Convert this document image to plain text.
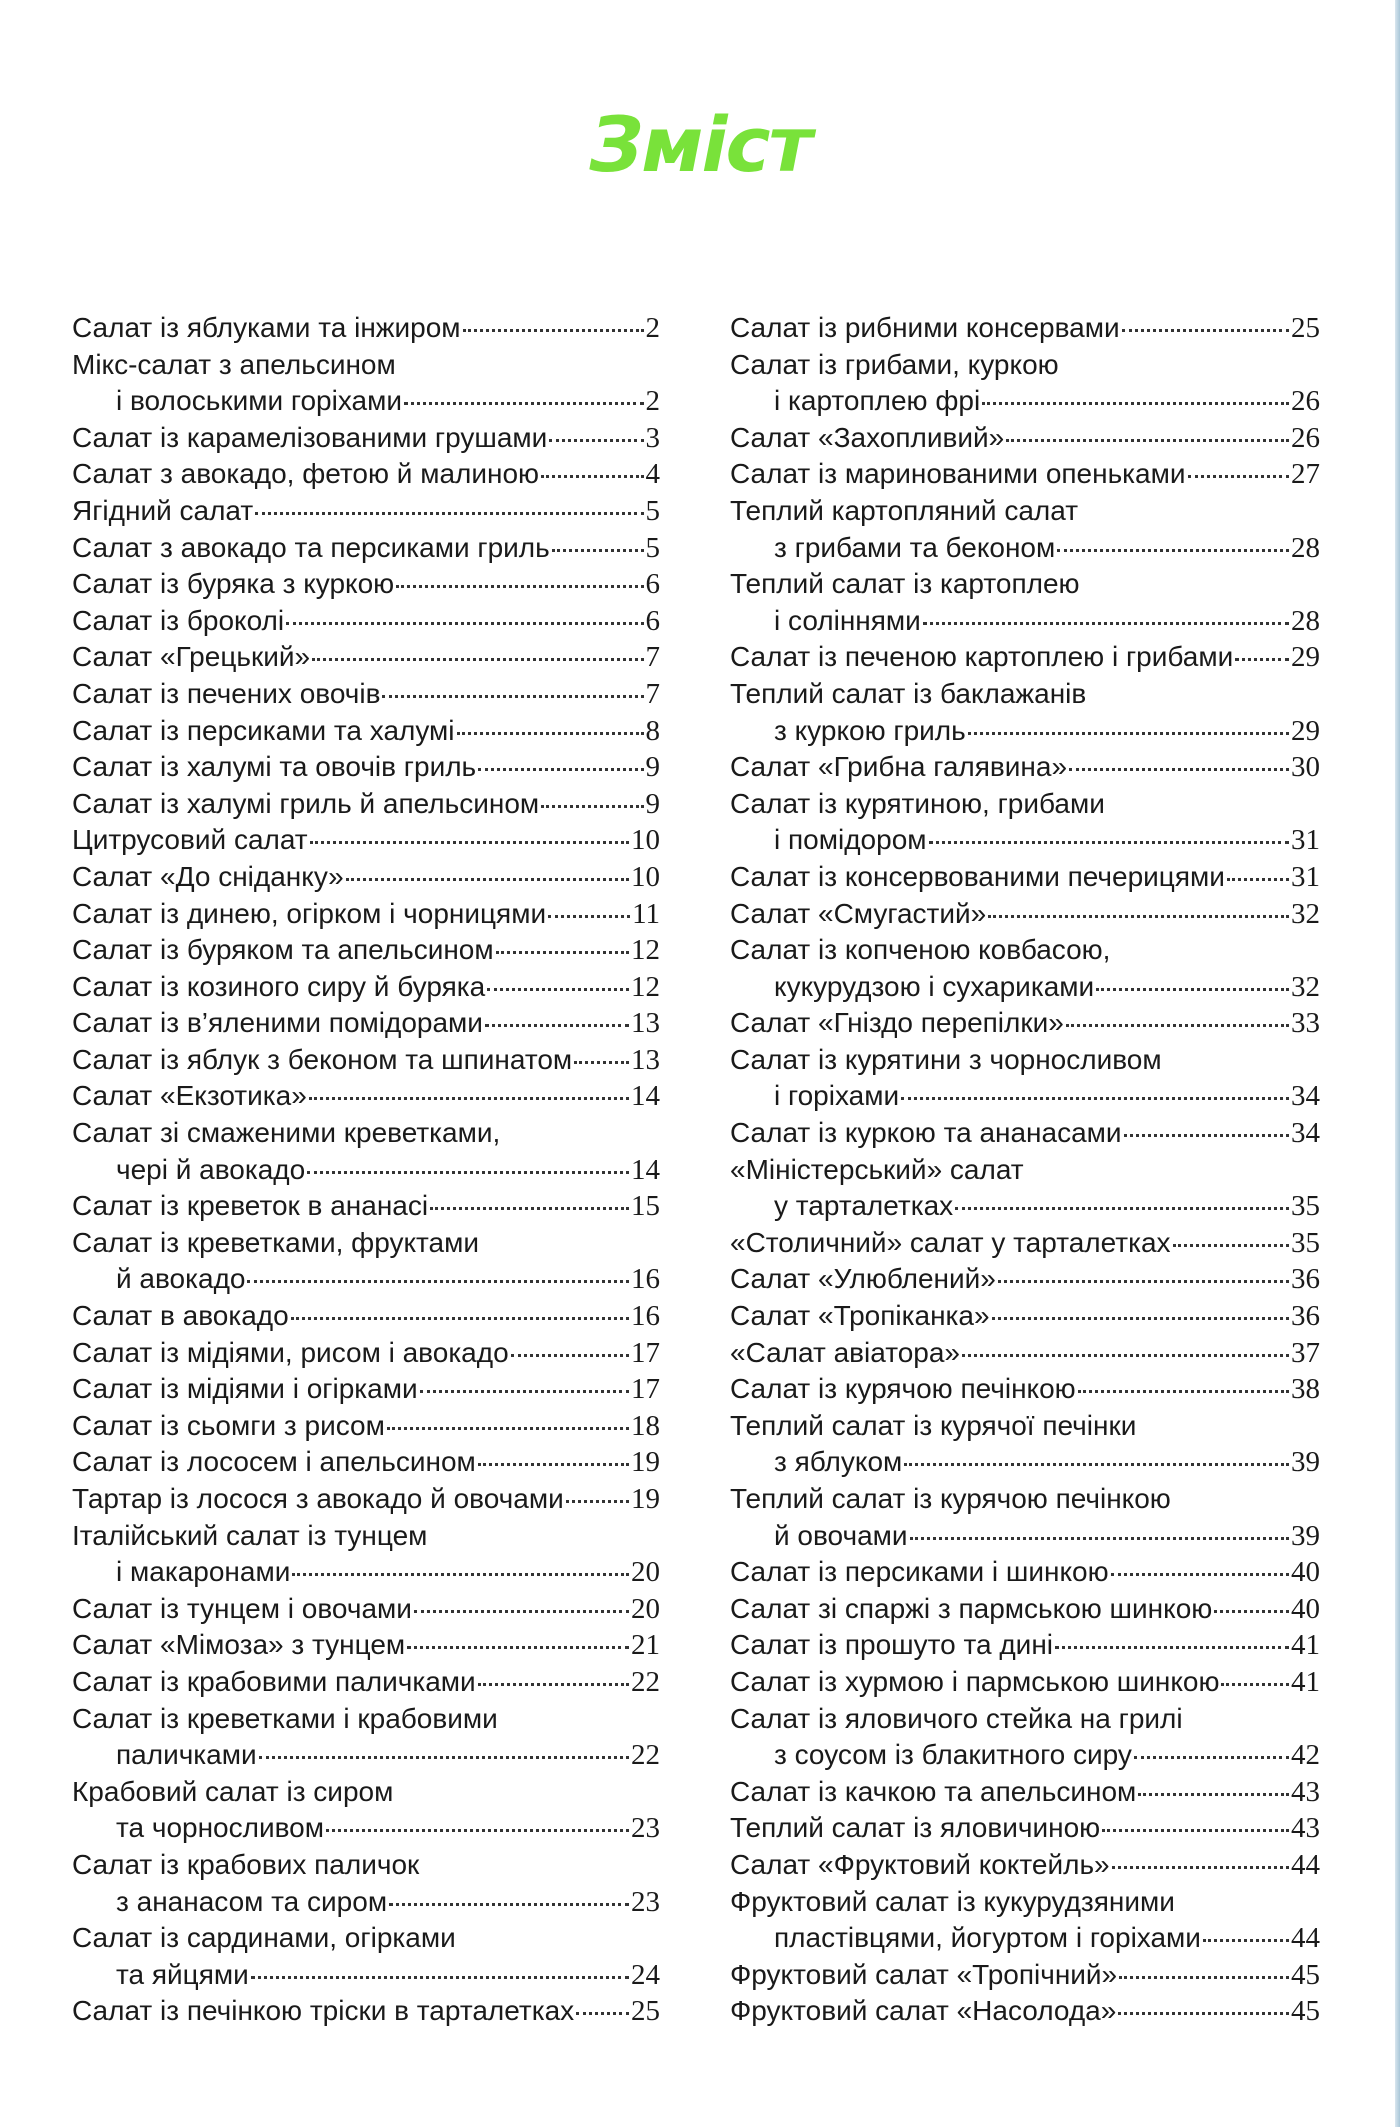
Зміст
Салат із яблуками та інжиром	2
Мікс-салат з апельсином
і волоськими горіхами	2
Салат із карамелізованими грушами	3
Салат з авокадо, фетою й малиною	4
Ягідний салат	5
Салат з авокадо та персиками гриль	5
Салат із буряка з куркою	6
Салат із броколі	6
Салат «Грецький»	7
Салат із печених овочів	7
Салат із персиками та халумі	8
Салат із халумі та овочів гриль	9
Салат із халумі гриль й апельсином	9
Цитрусовий салат	10
Салат «До сніданку»	10
Салат із динею, огірком і чорницями	11
Салат із буряком та апельсином	12
Салат із козиного сиру й буряка	12
Салат із в’яленими помідорами	13
Салат із яблук з беконом та шпинатом 13
Салат «Екзотика»	14
Салат зі смаженими креветками,
чері й авокадо	14
Салат із креветок в ананасі	15
Салат із креветками, фруктами
й авокадо	16
Салат в авокадо	16
Салат із мідіями, рисом і авокадо	17
Салат із мідіями і огірками	17
Салат із сьомги з рисом	18
Салат із лососем і апельсином	19
Тартар із лосося з авокадо й овочами 19
Італійський салат із тунцем
і макаронами	20
Салат із тунцем і овочами	20
Салат «Мімоза» з тунцем	21
Салат із крабовими паличками	22
Салат із креветками і крабовими
паличками	22
Крабовий салат із сиром
та чорносливом	23
Салат із крабових паличок
з ананасом та сиром	23
Салат із сардинами, огірками
та яйцями	24
Салат із печінкою тріски в тарталетках 25
Салат із рибними консервами	25
Салат із грибами, куркою
і картоплею фрі	26
Салат «Захопливий»	26
Салат із маринованими опеньками	27
Теплий картопляний салат
з грибами та беконом	28
Теплий салат із картоплею
і соліннями	28
Салат із печеною картоплею і грибами 29
Теплий салат із баклажанів
з куркою гриль	29
Салат «Грибна галявина»	30
Салат із курятиною, грибами
і помідором	31
Салат із консервованими печерицями 31
Салат «Смугастий»	32
Салат із копченою ковбасою,
кукурудзою і сухариками	32
Салат «Гніздо перепілки»	33
Салат із курятини з чорносливом
і горіхами	34
Салат із куркою та ананасами	34
«Міністерський» салат
у тарталетках	35
«Столичний» салат у тарталетках	35
Салат «Улюблений»	36
Салат «Тропіканка»	36
«Салат авіатора»	37
Салат із курячою печінкою	38
Теплий салат із курячої печінки
з яблуком	39
Теплий салат із курячою печінкою
й овочами	39
Салат із персиками і шинкою	40
Салат зі спаржі з пармською шинкою	40
Салат із прошуто та дині	41
Салат із хурмою і пармською шинкою 41
Салат із яловичого стейка на грилі
з соусом із блакитного сиру	42
Салат із качкою та апельсином	43
Теплий салат із яловичиною	43
Салат «Фруктовий коктейль»	44
Фруктовий салат із кукурудзяними
пластівцями, йогуртом і горіхами	44
Фруктовий салат «Тропічний»	45
Фруктовий салат «Насолода»	45
